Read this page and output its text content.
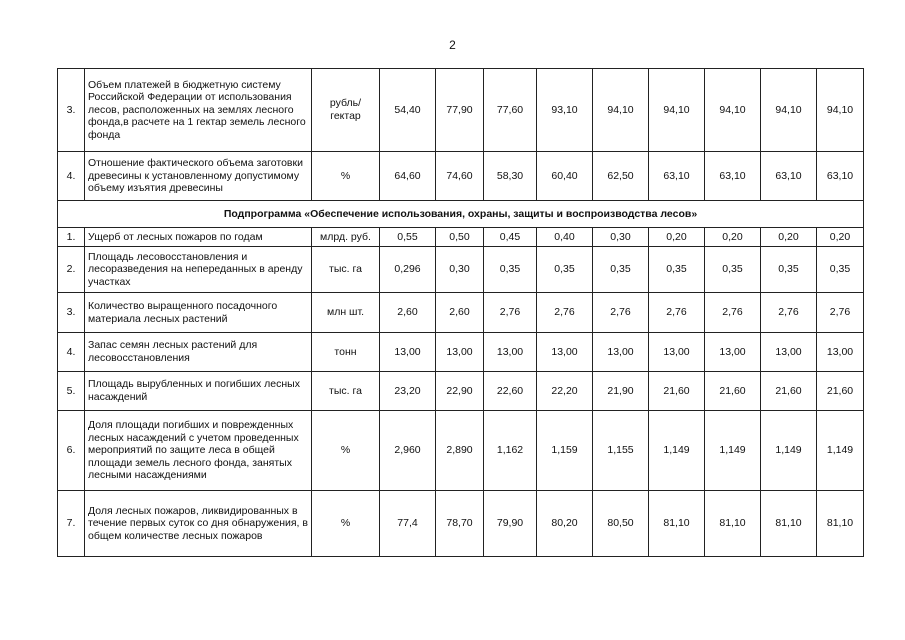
2
3.	Объем платежей в бюджетную систему Российской Федерации от использования лесов, расположенных на землях лесного фонда,в расчете на 1 гектар земель лесного фонда	рубль/ гектар	54,40	77,90	77,60	93,10	94,10	94,10	94,10	94,10	94,10
4.	Отношение фактического объема заготовки древесины к установленному допустимому объему изъятия древесины	%	64,60	74,60	58,30	60,40	62,50	63,10	63,10	63,10	63,10
Подпрограмма «Обеспечение использования, охраны, защиты и воспроизводства лесов»											
1.	Ущерб от лесных пожаров по годам	млрд. руб.	0,55	0,50	0,45	0,40	0,30	0,20	0,20	0,20	0,20
2.	Площадь лесовосстановления и лесоразведения на непереданных в аренду участках	тыс. га	0,296	0,30	0,35	0,35	0,35	0,35	0,35	0,35	0,35
3.	Количество выращенного посадочного материала лесных растений	млн шт.	2,60	2,60	2,76	2,76	2,76	2,76	2,76	2,76	2,76
4.	Запас семян лесных растений для лесовосстановления	тонн	13,00	13,00	13,00	13,00	13,00	13,00	13,00	13,00	13,00
5.	Площадь вырубленных и погибших лесных насаждений	тыс. га	23,20	22,90	22,60	22,20	21,90	21,60	21,60	21,60	21,60
6.	Доля площади погибших и поврежденных лесных насаждений с учетом проведенных мероприятий по защите леса в общей площади земель лесного фонда, занятых лесными насаждениями	%	2,960	2,890	1,162	1,159	1,155	1,149	1,149	1,149	1,149
7.	Доля лесных пожаров, ликвидированных в течение первых суток со дня обнаружения, в общем количестве лесных пожаров	%	77,4	78,70	79,90	80,20	80,50	81,10	81,10	81,10	81,10
